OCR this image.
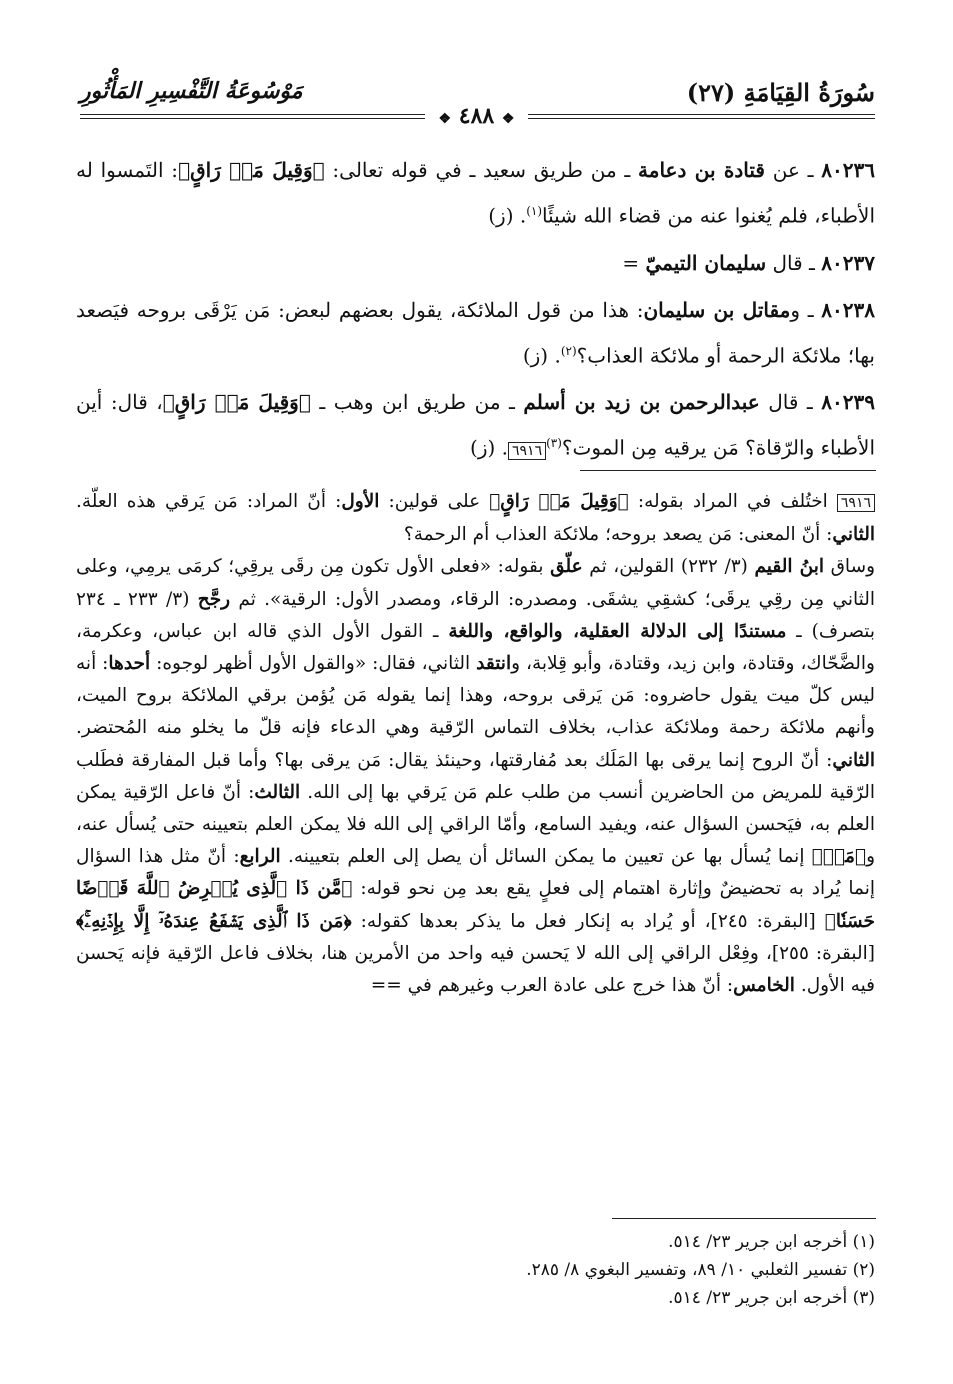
سُورَةُ القِيَامَةِ (٢٧)
مَوْسُوعَةُ التَّفْسِيرِ المَأْثُورِ
❖ ٤٨٨ ❖

٨٠٢٣٦ ـ عن قتادة بن دعامة ـ من طريق سعيد ـ في قوله تعالى: ﴿وَقِيلَ مَنۜ رَاقٍ﴾: التَمسوا له الأطباء، فلم يُغنوا عنه من قضاء الله شيئًا$^{(١)}$. (ز)

٨٠٢٣٧ ـ قال سليمان التيميّ =

٨٠٢٣٨ ـ ومقاتل بن سليمان: هذا من قول الملائكة، يقول بعضهم لبعض: مَن يَرْقَى بروحه فيَصعد بها؛ ملائكة الرحمة أو ملائكة العذاب؟$^{(٢)}$. (ز)

٨٠٢٣٩ ـ قال عبدالرحمن بن زيد بن أسلم ـ من طريق ابن وهب ـ ﴿وَقِيلَ مَنۜ رَاقٍ﴾، قال: أين الأطباء والرّقاة؟ مَن يرقيه مِن الموت؟$^{(٣)}$٦٩١٦. (ز)

٦٩١٦ اختُلف في المراد بقوله: ﴿وَقِيلَ مَنۜ رَاقٍ﴾ على قولين: الأول: أنّ المراد: مَن يَرقي هذه العلّة. الثاني: أنّ المعنى: مَن يصعد بروحه؛ ملائكة العذاب أم الرحمة؟

وساق ابنُ القيم (٣/ ٢٣٢) القولين، ثم علّق بقوله: «فعلى الأول تكون مِن رقَى يرقِي؛ كرمَى يرمِي، وعلى الثاني مِن رقِي يرقَى؛ كشقِي يشقَى. ومصدره: الرقاء، ومصدر الأول: الرقية». ثم رجَّح (٣/ ٢٣٣ ـ ٢٣٤ بتصرف) ـ مستندًا إلى الدلالة العقلية، والواقع، واللغة ـ القول الأول الذي قاله ابن عباس، وعكرمة، والضَّحّاك، وقتادة، وابن زيد، وقتادة، وأبو قِلابة، وانتقد الثاني، فقال: «والقول الأول أظهر لوجوه: أحدها: أنه ليس كلّ ميت يقول حاضروه: مَن يَرقى بروحه، وهذا إنما يقوله مَن يُؤمن برقي الملائكة بروح الميت، وأنهم ملائكة رحمة وملائكة عذاب، بخلاف التماس الرّقية وهي الدعاء فإنه قلّ ما يخلو منه المُحتضر. الثاني: أنّ الروح إنما يرقى بها المَلَك بعد مُفارقتها، وحينئذ يقال: مَن يرقى بها؟ وأما قبل المفارقة فطَلب الرّقية للمريض من الحاضرين أنسب من طلب علم مَن يَرقي بها إلى الله. الثالث: أنّ فاعل الرّقية يمكن العلم به، فيَحسن السؤال عنه، ويفيد السامع، وأمّا الراقي إلى الله فلا يمكن العلم بتعيينه حتى يُسأل عنه، و﴿مَنۜ﴾ إنما يُسأل بها عن تعيين ما يمكن السائل أن يصل إلى العلم بتعيينه. الرابع: أنّ مثل هذا السؤال إنما يُراد به تحضيضٌ وإثارة اهتمام إلى فعلٍ يقع بعد مِن نحو قوله: ﴿مَّن ذَا ٱلَّذِى يُقۡرِضُ ٱللَّهَ قَرۡضًا حَسَنٗا﴾ [البقرة: ٢٤٥]، أو يُراد به إنكار فعل ما يذكر بعدها كقوله: ﴿مَن ذَا ٱلَّذِى يَشۡفَعُ عِندَهُۥٓ إِلَّا بِإِذۡنِهِۦۚ﴾ [البقرة: ٢٥٥]، وفِعْل الراقي إلى الله لا يَحسن فيه واحد من الأمرين هنا، بخلاف فاعل الرّقية فإنه يَحسن فيه الأول. الخامس: أنّ هذا خرج على عادة العرب وغيرهم في ==

(١) أخرجه ابن جرير ٢٣/ ٥١٤.
(٢) تفسير الثعلبي ١٠/ ٨٩، وتفسير البغوي ٨/ ٢٨٥.
(٣) أخرجه ابن جرير ٢٣/ ٥١٤.
